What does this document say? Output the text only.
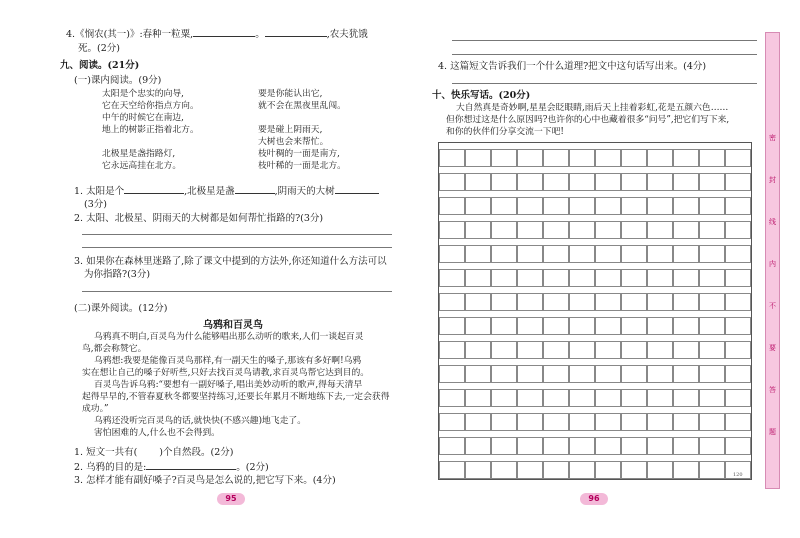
4.《悯农(其一)》:春种一粒粟,	。	,农夫犹饿
死。(2分)
九、阅读。(21分)
(一)课内阅读。(9分)
太阳是个忠实的向导,
它在天空给你指点方向。
中午的时候它在南边,
地上的树影正指着北方。
北极星是盏指路灯,
它永远高挂在北方。
要是你能认出它,
就不会在黑夜里乱闯。
要是碰上阴雨天,
大树也会来帮忙。
枝叶稠的一面是南方,
枝叶稀的一面是北方。
1. 太阳是个	,北极星是盏	,阴雨天的大树
(3分)
2. 太阳、北极星、阴雨天的大树都是如何帮忙指路的?(3分)
3. 如果你在森林里迷路了,除了课文中提到的方法外,你还知道什么方法可以
为你指路?(3分)
(二)课外阅读。(12分)
乌鸦和百灵鸟
乌鸦真不明白,百灵鸟为什么能够唱出那么动听的歌来,人们一谈起百灵
鸟,都会称赞它。
乌鸦想:我要是能像百灵鸟那样,有一副天生的嗓子,那该有多好啊!乌鸦
实在想让自己的嗓子好听些,只好去找百灵鸟请教,求百灵鸟帮它达到目的。
百灵鸟告诉乌鸦:“要想有一副好嗓子,唱出美妙动听的歌声,得每天清早
起得早早的,不管春夏秋冬都要坚持练习,还要长年累月不断地练下去,一定会获得
成功。”
乌鸦还没听完百灵鸟的话,就快快(不感兴趣)地飞走了。
害怕困难的人,什么也不会得到。
1. 短文一共有( )个自然段。(2分)
2. 乌鸦的目的是:	。(2分)
3. 怎样才能有副好嗓子?百灵鸟是怎么说的,把它写下来。(4分)
95
4. 这篇短文告诉我们一个什么道理?把文中这句话写出来。(4分)
十、快乐写话。(20分)
大自然真是奇妙啊,星星会眨眼睛,雨后天上挂着彩虹,花是五颜六色……
但你想过这是什么原因吗?也许你的心中也藏着很多“问号”,把它们写下来,
和你的伙伴们分享交流一下吧!
120
96
密
封
线
内
不
要
答
题
